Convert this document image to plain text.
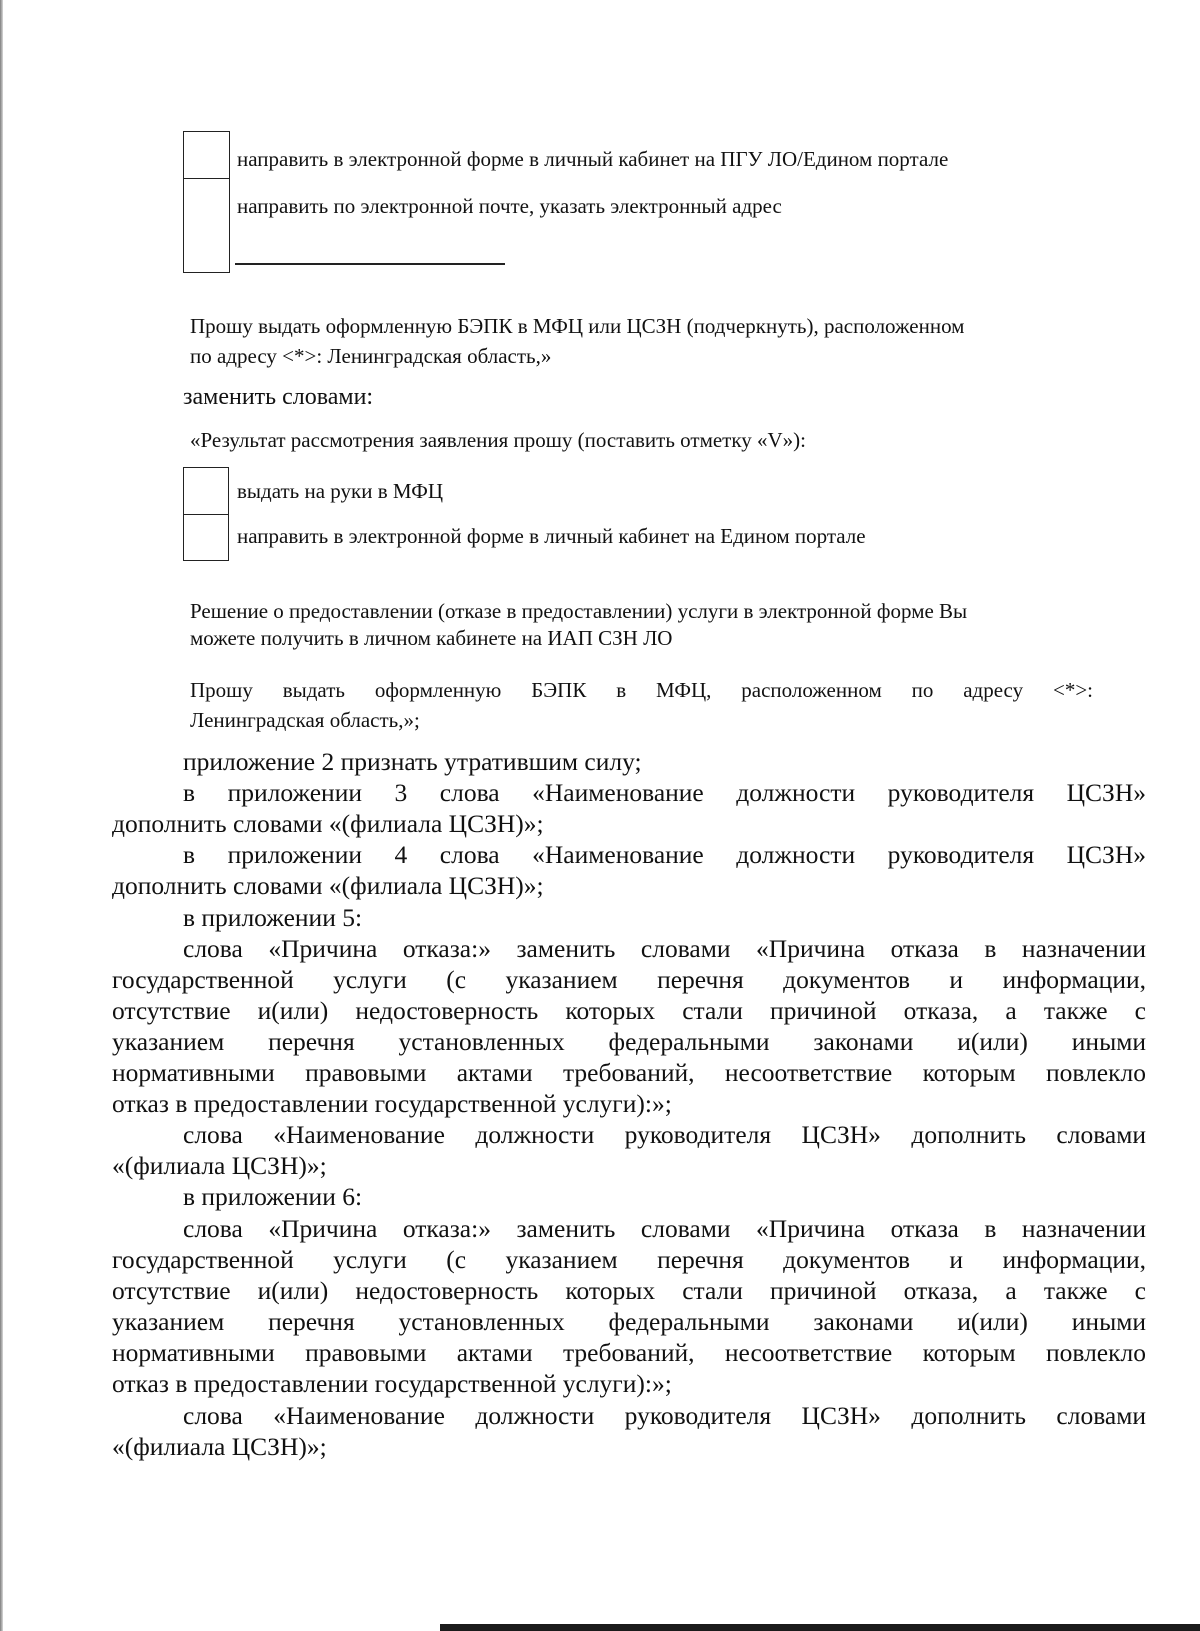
направить в электронной форме в личный кабинет на ПГУ ЛО/Едином портале

направить по электронной почте, указать электронный адрес

Прошу выдать оформленную БЭПК в МФЦ или ЦСЗН (подчеркнуть), расположенном

по адресу <*>: Ленинградская область,»

заменить словами:

«Результат рассмотрения заявления прошу (поставить отметку «V»):

выдать на руки в МФЦ

направить в электронной форме в личный кабинет на Едином портале

Решение о предоставлении (отказе в предоставлении) услуги в электронной форме Вы

можете получить в личном кабинете на ИАП СЗН ЛО

Прошу выдать оформленную БЭПК в МФЦ, расположенном по адресу <*>:

Ленинградская область,»;

приложение 2 признать утратившим силу;

в приложении 3 слова «Наименование должности руководителя ЦСЗН»

дополнить словами «(филиала ЦСЗН)»;

в приложении 4 слова «Наименование должности руководителя ЦСЗН»

дополнить словами «(филиала ЦСЗН)»;

в приложении 5:

слова «Причина отказа:» заменить словами «Причина отказа в назначении

государственной услуги (с указанием перечня документов и информации,

отсутствие и(или) недостоверность которых стали причиной отказа, а также с

указанием перечня установленных федеральными законами и(или) иными

нормативными правовыми актами требований, несоответствие которым повлекло

отказ в предоставлении государственной услуги):»;

слова «Наименование должности руководителя ЦСЗН» дополнить словами

«(филиала ЦСЗН)»;

в приложении 6:

слова «Причина отказа:» заменить словами «Причина отказа в назначении

государственной услуги (с указанием перечня документов и информации,

отсутствие и(или) недостоверность которых стали причиной отказа, а также с

указанием перечня установленных федеральными законами и(или) иными

нормативными правовыми актами требований, несоответствие которым повлекло

отказ в предоставлении государственной услуги):»;

слова «Наименование должности руководителя ЦСЗН» дополнить словами

«(филиала ЦСЗН)»;
